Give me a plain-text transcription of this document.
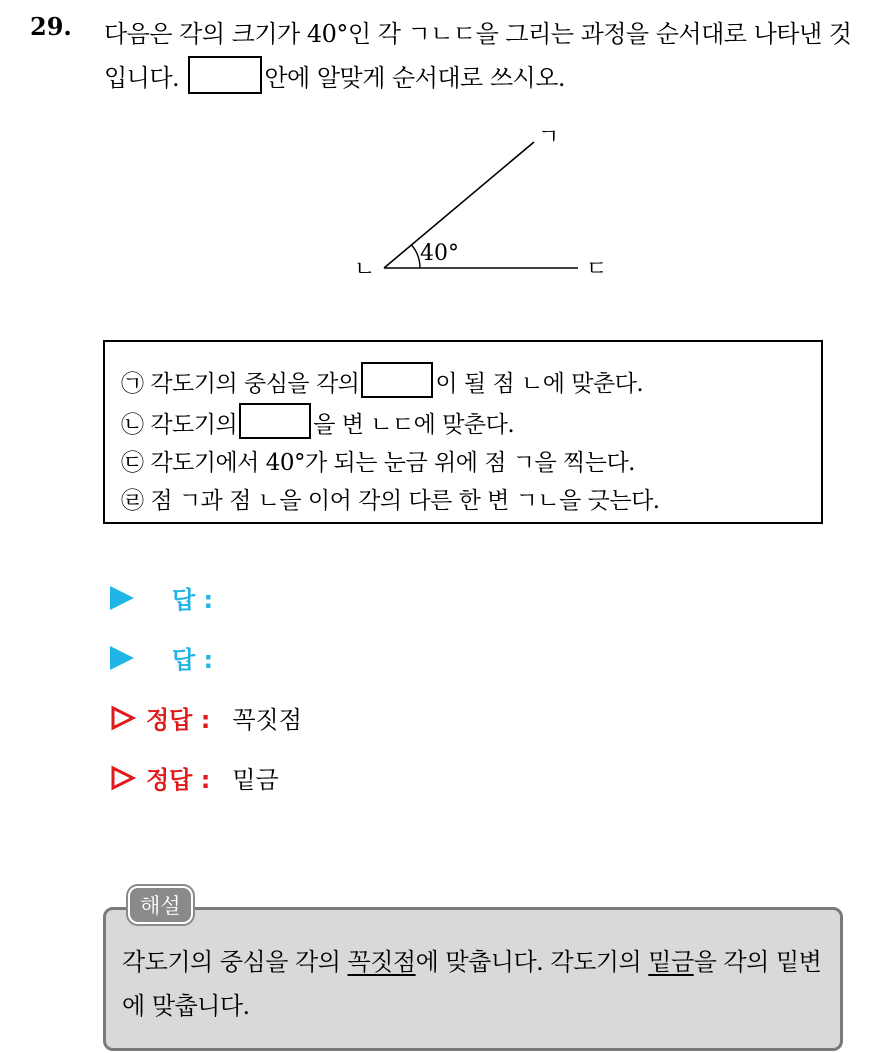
29. 다음은 각의 크기가 40°인 각 ㄱㄴㄷ을 그리는 과정을 순서대로 나타낸 것입니다.	안에 알맞게 순서대로 쓰시오.
ㄱ
ㄴ	ㄷ
40°
㉠ 각도기의 중심을 각의	이 될 점 ㄴ에 맞춘다.
㉡ 각도기의	을 변 ㄴㄷ에 맞춘다.
㉢ 각도기에서 40°가 되는 눈금 위에 점 ㄱ을 찍는다.
㉣ 점 ㄱ과 점 ㄴ을 이어 각의 다른 한 변 ㄱㄴ을 긋는다.
답 :
답 :
정답 : 꼭짓점
정답 : 밑금
해설
각도기의 중심을 각의 꼭짓점에 맞춥니다. 각도기의 밑금을 각의 밑변에 맞춥니다.
